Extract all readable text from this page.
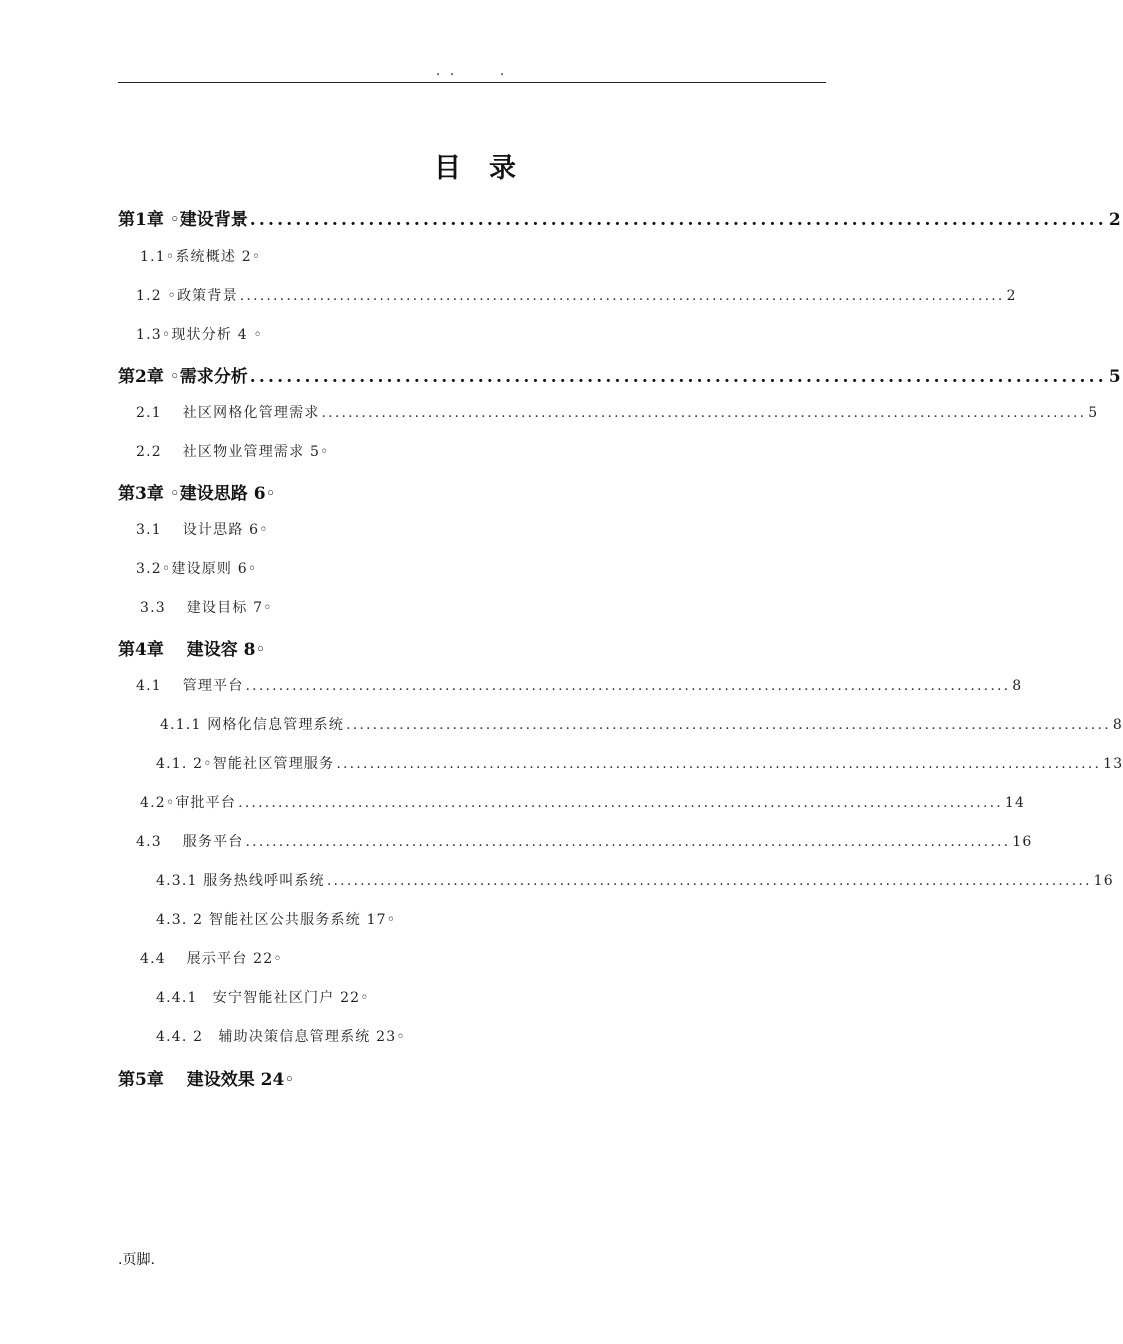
. .	.
目录
第1章 ◦建设背景 .............................................................................................. 2
1.1◦系统概述 2◦
1.2 ◦政策背景 ................................................................................................................... 2
1.3◦现状分析 4 ◦
第2章 ◦需求分析 .............................................................................................. 5
2.1　 社区网格化管理需求 ................................................................................................................... 5
2.2　 社区物业管理需求 5◦
第3章 ◦建设思路 6◦
3.1　 设计思路 6◦
3.2◦建设原则 6◦
3.3　 建设目标 7◦
第4章　 建设容 8◦
4.1　 管理平台 ................................................................................................................... 8
4.1.1 网格化信息管理系统 ................................................................................................................... 8
4.1. 2◦智能社区管理服务 ................................................................................................................... 13
4.2◦审批平台 ................................................................................................................... 14
4.3　 服务平台 ................................................................................................................... 16
4.3.1 服务热线呼叫系统 ................................................................................................................... 16
4.3. 2 智能社区公共服务系统 17◦
4.4　 展示平台 22◦
4.4.1　安宁智能社区门户 22◦
4.4. 2　辅助决策信息管理系统 23◦
第5章　 建设效果 24◦
.页脚.
